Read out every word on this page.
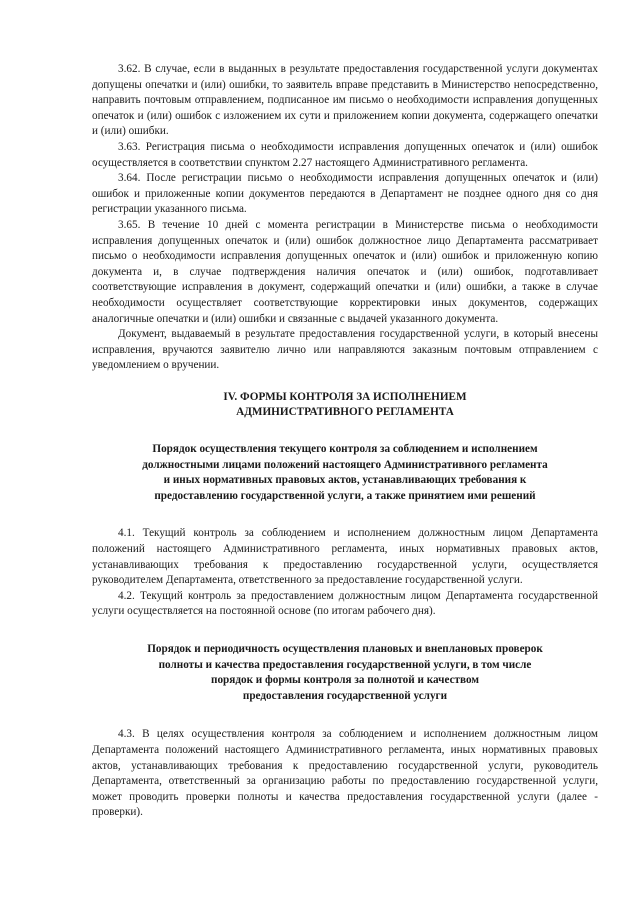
3.62. В случае, если в выданных в результате предоставления государственной услуги документах допущены опечатки и (или) ошибки, то заявитель вправе представить в Министерство непосредственно, направить почтовым отправлением, подписанное им письмо о необходимости исправления допущенных опечаток и (или) ошибок с изложением их сути и приложением копии документа, содержащего опечатки и (или) ошибки.

3.63. Регистрация письма о необходимости исправления допущенных опечаток и (или) ошибок осуществляется в соответствии спунктом 2.27 настоящего Административного регламента.

3.64. После регистрации письмо о необходимости исправления допущенных опечаток и (или) ошибок и приложенные копии документов передаются в Департамент не позднее одного дня со дня регистрации указанного письма.

3.65. В течение 10 дней с момента регистрации в Министерстве письма о необходимости исправления допущенных опечаток и (или) ошибок должностное лицо Департамента рассматривает письмо о необходимости исправления допущенных опечаток и (или) ошибок и приложенную копию документа и, в случае подтверждения наличия опечаток и (или) ошибок, подготавливает соответствующие исправления в документ, содержащий опечатки и (или) ошибки, а также в случае необходимости осуществляет соответствующие корректировки иных документов, содержащих аналогичные опечатки и (или) ошибки и связанные с выдачей указанного документа.

Документ, выдаваемый в результате предоставления государственной услуги, в который внесены исправления, вручаются заявителю лично или направляются заказным почтовым отправлением с уведомлением о вручении.

IV. ФОРМЫ КОНТРОЛЯ ЗА ИСПОЛНЕНИЕМ
АДМИНИСТРАТИВНОГО РЕГЛАМЕНТА
Порядок осуществления текущего контроля за соблюдением и исполнением
должностными лицами положений настоящего Административного регламента
и иных нормативных правовых актов, устанавливающих требования к
предоставлению государственной услуги, а также принятием ими решений

4.1. Текущий контроль за соблюдением и исполнением должностным лицом Департамента положений настоящего Административного регламента, иных нормативных правовых актов, устанавливающих требования к предоставлению государственной услуги, осуществляется руководителем Департамента, ответственного за предоставление государственной услуги.

4.2. Текущий контроль за предоставлением должностным лицом Департамента государственной услуги осуществляется на постоянной основе (по итогам рабочего дня).

Порядок и периодичность осуществления плановых и внеплановых проверок
полноты и качества предоставления государственной услуги, в том числе
порядок и формы контроля за полнотой и качеством
предоставления государственной услуги

4.3. В целях осуществления контроля за соблюдением и исполнением должностным лицом Департамента положений настоящего Административного регламента, иных нормативных правовых актов, устанавливающих требования к предоставлению государственной услуги, руководитель Департамента, ответственный за организацию работы по предоставлению государственной услуги, может проводить проверки полноты и качества предоставления государственной услуги (далее - проверки).
